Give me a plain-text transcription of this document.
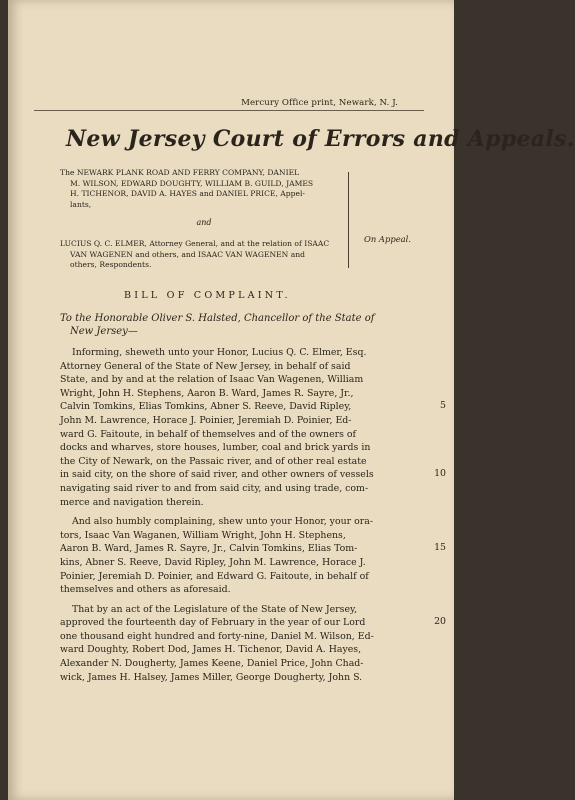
Mercury Office print, Newark, N. J.
New Jersey Court of Errors and Appeals.
The NEWARK PLANK ROAD AND FERRY COMPANY, DANIEL
M. WILSON, EDWARD DOUGHTY, WILLIAM B. GUILD, JAMES
H. TICHENOR, DAVID A. HAYES and DANIEL PRICE, Appel-
lants,
and
LUCIUS Q. C. ELMER, Attorney General, and at the relation of ISAAC
VAN WAGENEN and others, and ISAAC VAN WAGENEN and
others, Respondents.
On Appeal.
BILL OF COMPLAINT.
To the Honorable Oliver S. Halsted, Chancellor of the State of
New Jersey—
Informing, sheweth unto your Honor, Lucius Q. C. Elmer, Esq.
Attorney General of the State of New Jersey, in behalf of said
State, and by and at the relation of Isaac Van Wagenen, William
Wright, John H. Stephens, Aaron B. Ward, James R. Sayre, Jr.,
Calvin Tomkins, Elias Tomkins, Abner S. Reeve, David Ripley,
John M. Lawrence, Horace J. Poinier, Jeremiah D. Poinier, Ed-
ward G. Faitoute, in behalf of themselves and of the owners of
docks and wharves, store houses, lumber, coal and brick yards in
the City of Newark, on the Passaic river, and of other real estate
in said city, on the shore of said river, and other owners of vessels
navigating said river to and from said city, and using trade, com-
merce and navigation therein.
And also humbly complaining, shew unto your Honor, your ora-
tors, Isaac Van Waganen, William Wright, John H. Stephens,
Aaron B. Ward, James R. Sayre, Jr., Calvin Tomkins, Elias Tom-
kins, Abner S. Reeve, David Ripley, John M. Lawrence, Horace J.
Poinier, Jeremiah D. Poinier, and Edward G. Faitoute, in behalf of
themselves and others as aforesaid.
That by an act of the Legislature of the State of New Jersey,
approved the fourteenth day of February in the year of our Lord
one thousand eight hundred and forty-nine, Daniel M. Wilson, Ed-
ward Doughty, Robert Dod, James H. Tichenor, David A. Hayes,
Alexander N. Dougherty, James Keene, Daniel Price, John Chad-
wick, James H. Halsey, James Miller, George Dougherty, John S.
5
10
15
20
